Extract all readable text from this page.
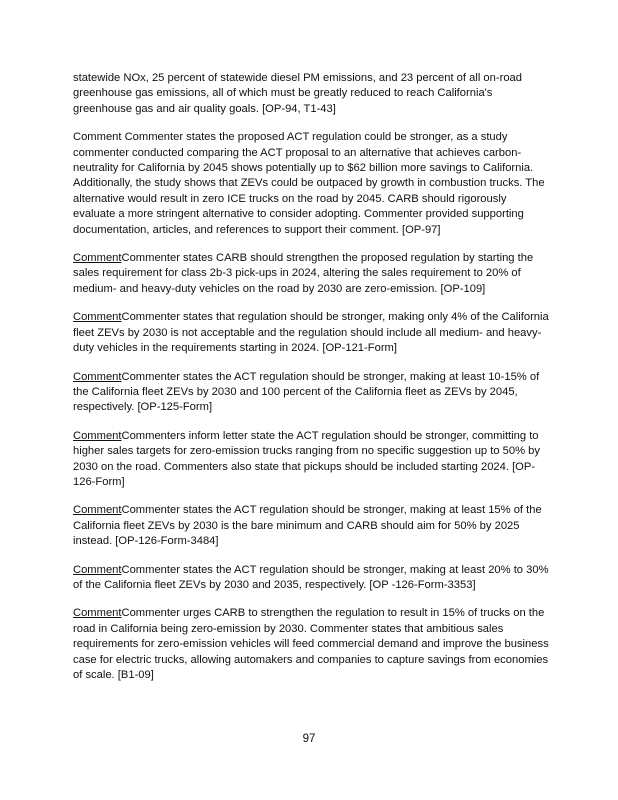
statewide NOx, 25 percent of statewide diesel PM emissions, and 23 percent of all on-road greenhouse gas emissions, all of which must be greatly reduced to reach California's greenhouse gas and air quality goals. [OP-94, T1-43]

Comment Commenter states the proposed ACT regulation could be stronger, as a study commenter conducted comparing the ACT proposal to an alternative that achieves carbon-neutrality for California by 2045 shows potentially up to $62 billion more savings to California. Additionally, the study shows that ZEVs could be outpaced by growth in combustion trucks. The alternative would result in zero ICE trucks on the road by 2045. CARB should rigorously evaluate a more stringent alternative to consider adopting. Commenter provided supporting documentation, articles, and references to support their comment. [OP-97]

CommentCommenter states CARB should strengthen the proposed regulation by starting the sales requirement for class 2b-3 pick-ups in 2024, altering the sales requirement to 20% of medium- and heavy-duty vehicles on the road by 2030 are zero-emission. [OP-109]

CommentCommenter states that regulation should be stronger, making only 4% of the California fleet ZEVs by 2030 is not acceptable and the regulation should include all medium- and heavy-duty vehicles in the requirements starting in 2024. [OP-121-Form]

CommentCommenter states the ACT regulation should be stronger, making at least 10-15% of the California fleet ZEVs by 2030 and 100 percent of the California fleet as ZEVs by 2045, respectively. [OP-125-Form]

CommentCommenters inform letter state the ACT regulation should be stronger, committing to higher sales targets for zero-emission trucks ranging from no specific suggestion up to 50% by 2030 on the road. Commenters also state that pickups should be included starting 2024. [OP-126-Form]

CommentCommenter states the ACT regulation should be stronger, making at least 15% of the California fleet ZEVs by 2030 is the bare minimum and CARB should aim for 50% by 2025 instead. [OP-126-Form-3484]

CommentCommenter states the ACT regulation should be stronger, making at least 20% to 30% of the California fleet ZEVs by 2030 and 2035, respectively. [OP -126-Form-3353]

CommentCommenter urges CARB to strengthen the regulation to result in 15% of trucks on the road in California being zero-emission by 2030. Commenter states that ambitious sales requirements for zero-emission vehicles will feed commercial demand and improve the business case for electric trucks, allowing automakers and companies to capture savings from economies of scale. [B1-09]

97
